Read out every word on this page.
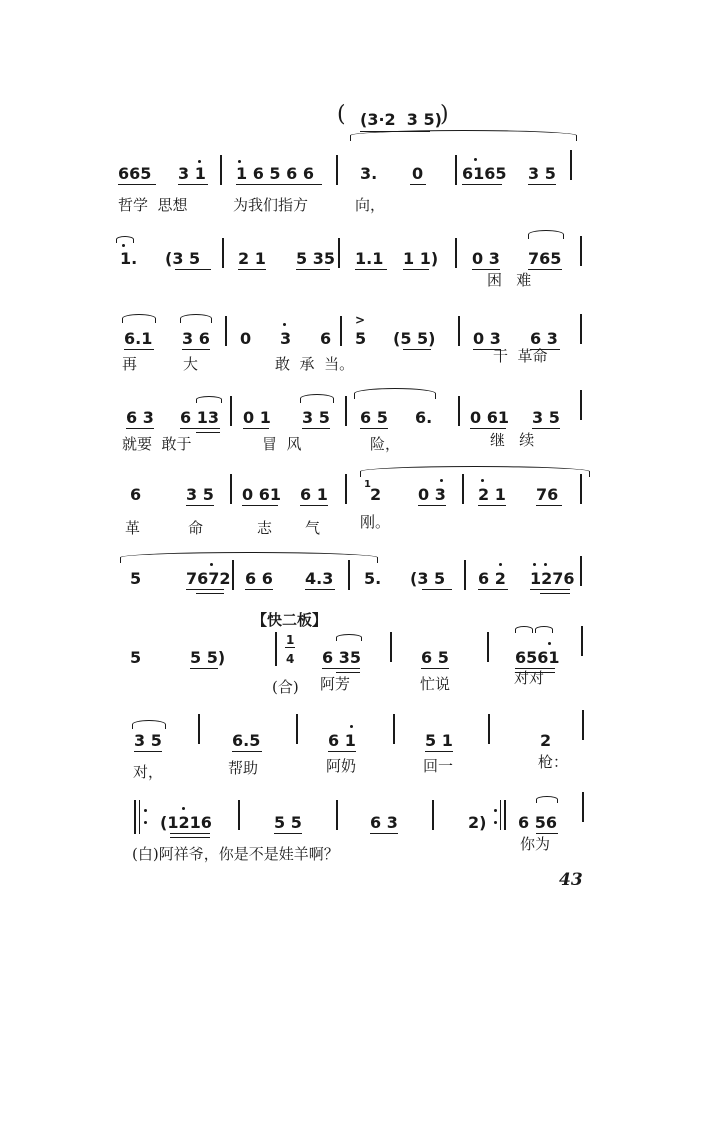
( (3·2  3 5)
)
665 3 1 1 6 5 6 6	3. 0 6165 3 5
哲学  思想	为我们指方	向，
1. (3 5 2 1 5 35 1.1 1 1) 0 3 765
困   难
6.1 3 6 0 3 6
>
5 (5 5) 0 3 6 3
再	大	敢  承  当。	干  革命
6 3 6 13 0 1 3 5 6 5 6. 0 61 3 5
就要  敢于	冒  风	险，	继   续
6	3 5 0 61 6 1
1
2 0 3 2 1 76
革	命	志 气	刚。
5	7672 6 6 4.3 5. (3 5 6 2 1276
【快二板】
5	5 5)
1
4 6 35	6 5	6561
(合) 阿芳	忙说	对对
3 5	6.5	6 1	5 1	2
对，	帮助	阿奶	回一	枪：
(1216	5 5	6 3	2) 6 56
(白)阿祥爷，你是不是娃羊啊？
你为
43
